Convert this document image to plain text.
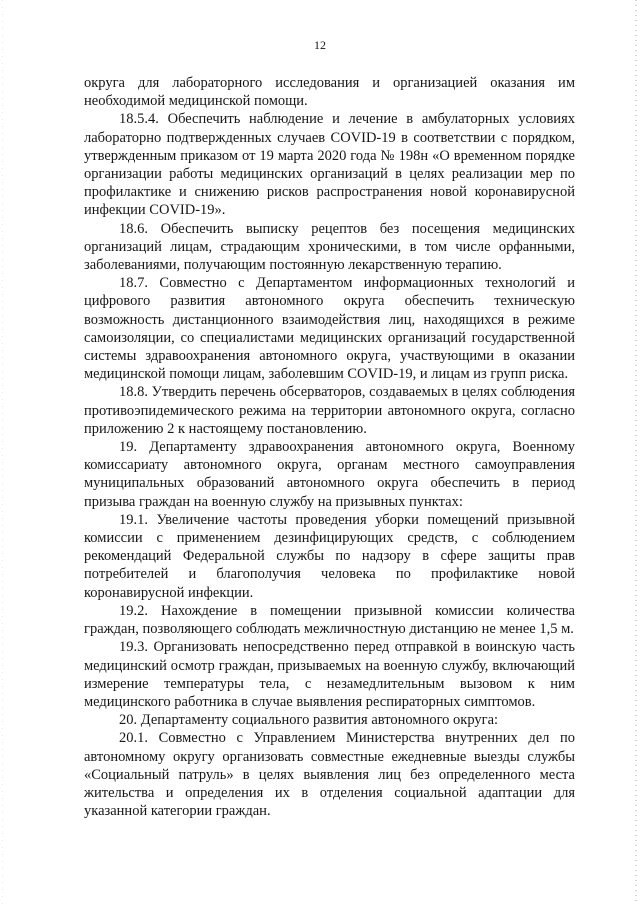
12

округа для лабораторного исследования и организацией оказания им необходимой медицинской помощи.

18.5.4. Обеспечить наблюдение и лечение в амбулаторных условиях лабораторно подтвержденных случаев COVID-19 в соответствии с порядком, утвержденным приказом от 19 марта 2020 года № 198н «О временном порядке организации работы медицинских организаций в целях реализации мер по профилактике и снижению рисков распространения новой коронавирусной инфекции COVID-19».

18.6. Обеспечить выписку рецептов без посещения медицинских организаций лицам, страдающим хроническими, в том числе орфанными, заболеваниями, получающим постоянную лекарственную терапию.

18.7. Совместно с Департаментом информационных технологий и цифрового развития автономного округа обеспечить техническую возможность дистанционного взаимодействия лиц, находящихся в режиме самоизоляции, со специалистами медицинских организаций государственной системы здравоохранения автономного округа, участвующими в оказании медицинской помощи лицам, заболевшим COVID-19, и лицам из групп риска.

18.8. Утвердить перечень обсерваторов, создаваемых в целях соблюдения противоэпидемического режима на территории автономного округа, согласно приложению 2 к настоящему постановлению.

19. Департаменту здравоохранения автономного округа, Военному комиссариату автономного округа, органам местного самоуправления муниципальных образований автономного округа обеспечить в период призыва граждан на военную службу на призывных пунктах:

19.1. Увеличение частоты проведения уборки помещений призывной комиссии с применением дезинфицирующих средств, с соблюдением рекомендаций Федеральной службы по надзору в сфере защиты прав потребителей и благополучия человека по профилактике новой коронавирусной инфекции.

19.2. Нахождение в помещении призывной комиссии количества граждан, позволяющего соблюдать межличностную дистанцию не менее 1,5 м.

19.3. Организовать непосредственно перед отправкой в воинскую часть медицинский осмотр граждан, призываемых на военную службу, включающий измерение температуры тела, с незамедлительным вызовом к ним медицинского работника в случае выявления респираторных симптомов.

20. Департаменту социального развития автономного округа:

20.1. Совместно с Управлением Министерства внутренних дел по автономному округу организовать совместные ежедневные выезды службы «Социальный патруль» в целях выявления лиц без определенного места жительства и определения их в отделения социальной адаптации для указанной категории граждан.
